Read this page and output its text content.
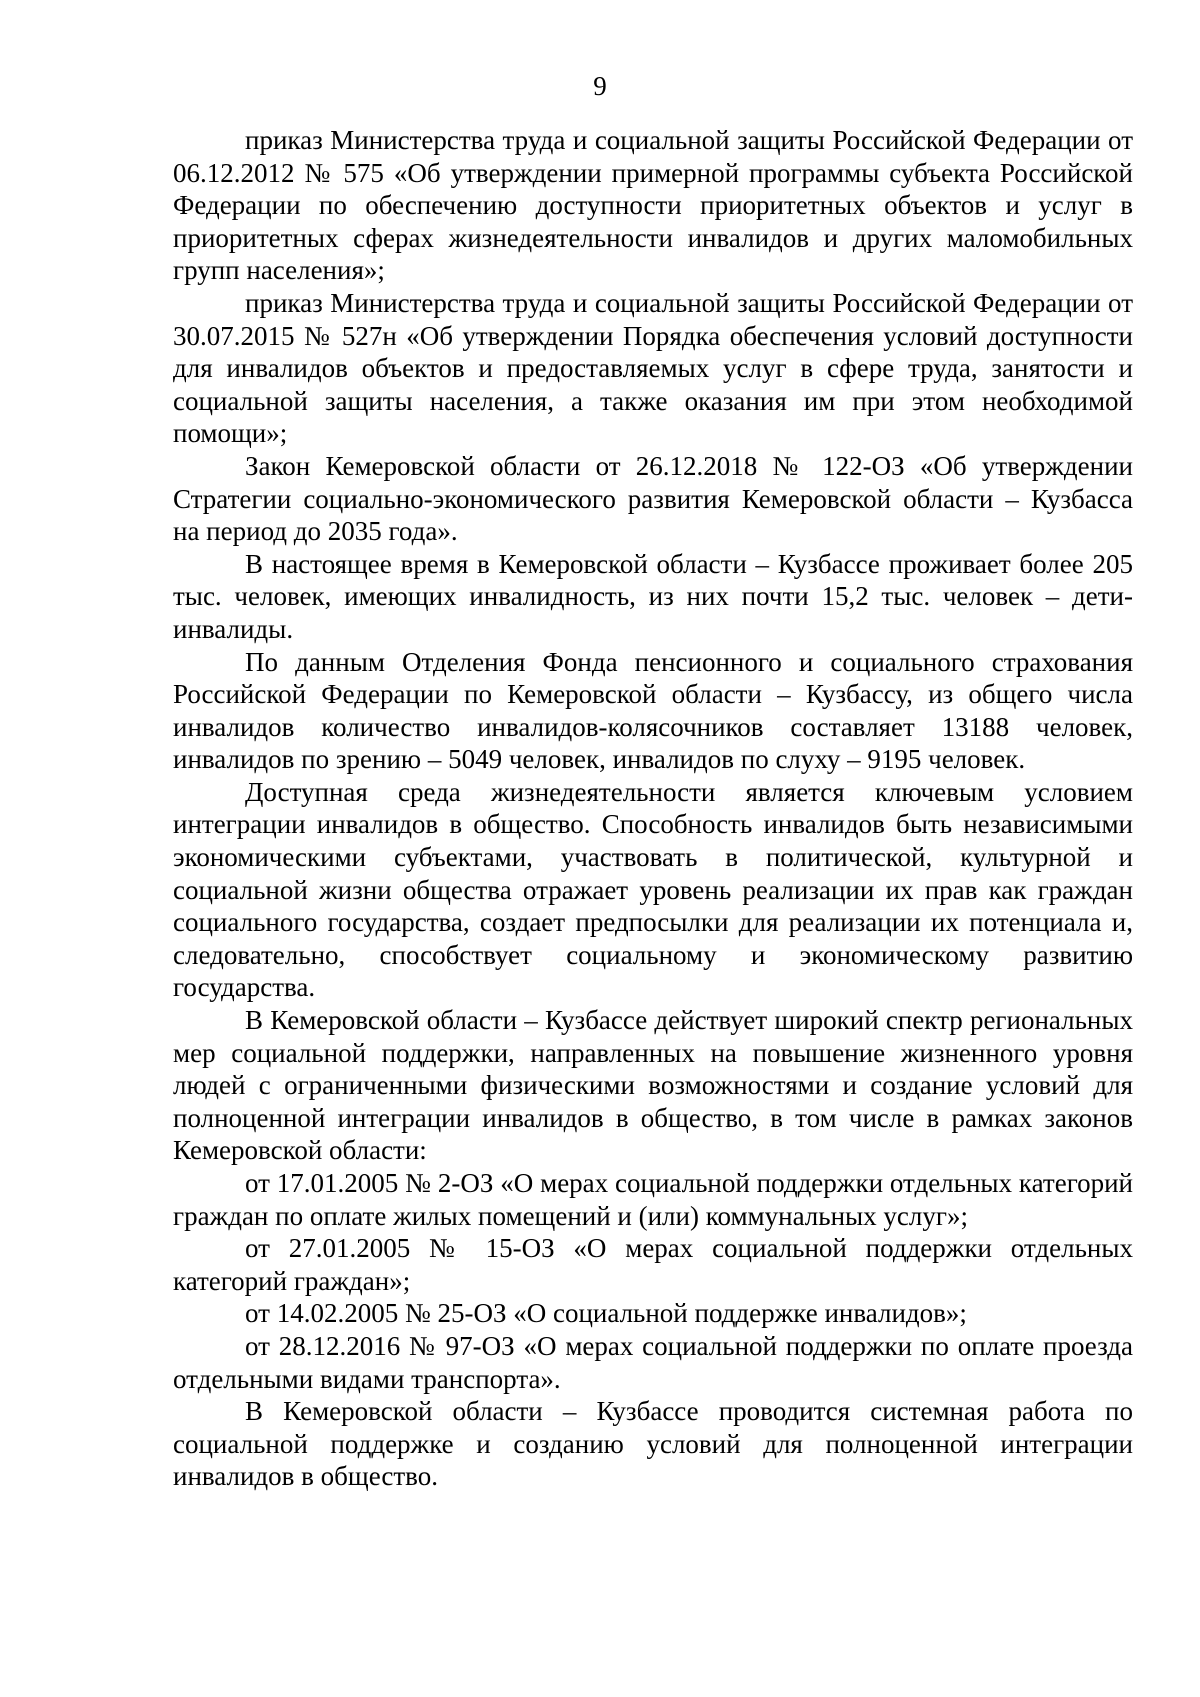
9

приказ Министерства труда и социальной защиты Российской Федерации от 06.12.2012 № 575 «Об утверждении примерной программы субъекта Российской Федерации по обеспечению доступности приоритетных объектов и услуг в приоритетных сферах жизнедеятельности инвалидов и других маломобильных групп населения»;

приказ Министерства труда и социальной защиты Российской Федерации от 30.07.2015 № 527н «Об утверждении Порядка обеспечения условий доступности для инвалидов объектов и предоставляемых услуг в сфере труда, занятости и социальной защиты населения, а также оказания им при этом необходимой помощи»;

Закон Кемеровской области от 26.12.2018 № 122-ОЗ «Об утверждении Стратегии социально-экономического развития Кемеровской области – Кузбасса на период до 2035 года».

В настоящее время в Кемеровской области – Кузбассе проживает более 205 тыс. человек, имеющих инвалидность, из них почти 15,2 тыс. человек – дети-инвалиды.

По данным Отделения Фонда пенсионного и социального страхования Российской Федерации по Кемеровской области – Кузбассу, из общего числа инвалидов количество инвалидов-колясочников составляет 13188 человек, инвалидов по зрению – 5049 человек, инвалидов по слуху – 9195 человек.

Доступная среда жизнедеятельности является ключевым условием интеграции инвалидов в общество. Способность инвалидов быть независимыми экономическими субъектами, участвовать в политической, культурной и социальной жизни общества отражает уровень реализации их прав как граждан социального государства, создает предпосылки для реализации их потенциала и, следовательно, способствует социальному и экономическому развитию государства.

В Кемеровской области – Кузбассе действует широкий спектр региональных мер социальной поддержки, направленных на повышение жизненного уровня людей с ограниченными физическими возможностями и создание условий для полноценной интеграции инвалидов в общество, в том числе в рамках законов Кемеровской области:

от 17.01.2005 № 2-ОЗ «О мерах социальной поддержки отдельных категорий граждан по оплате жилых помещений и (или) коммунальных услуг»;

от 27.01.2005 № 15-ОЗ «О мерах социальной поддержки отдельных категорий граждан»;

от 14.02.2005 № 25-ОЗ «О социальной поддержке инвалидов»;

от 28.12.2016 № 97-ОЗ «О мерах социальной поддержки по оплате проезда отдельными видами транспорта».

В Кемеровской области – Кузбассе проводится системная работа по социальной поддержке и созданию условий для полноценной интеграции инвалидов в общество.
